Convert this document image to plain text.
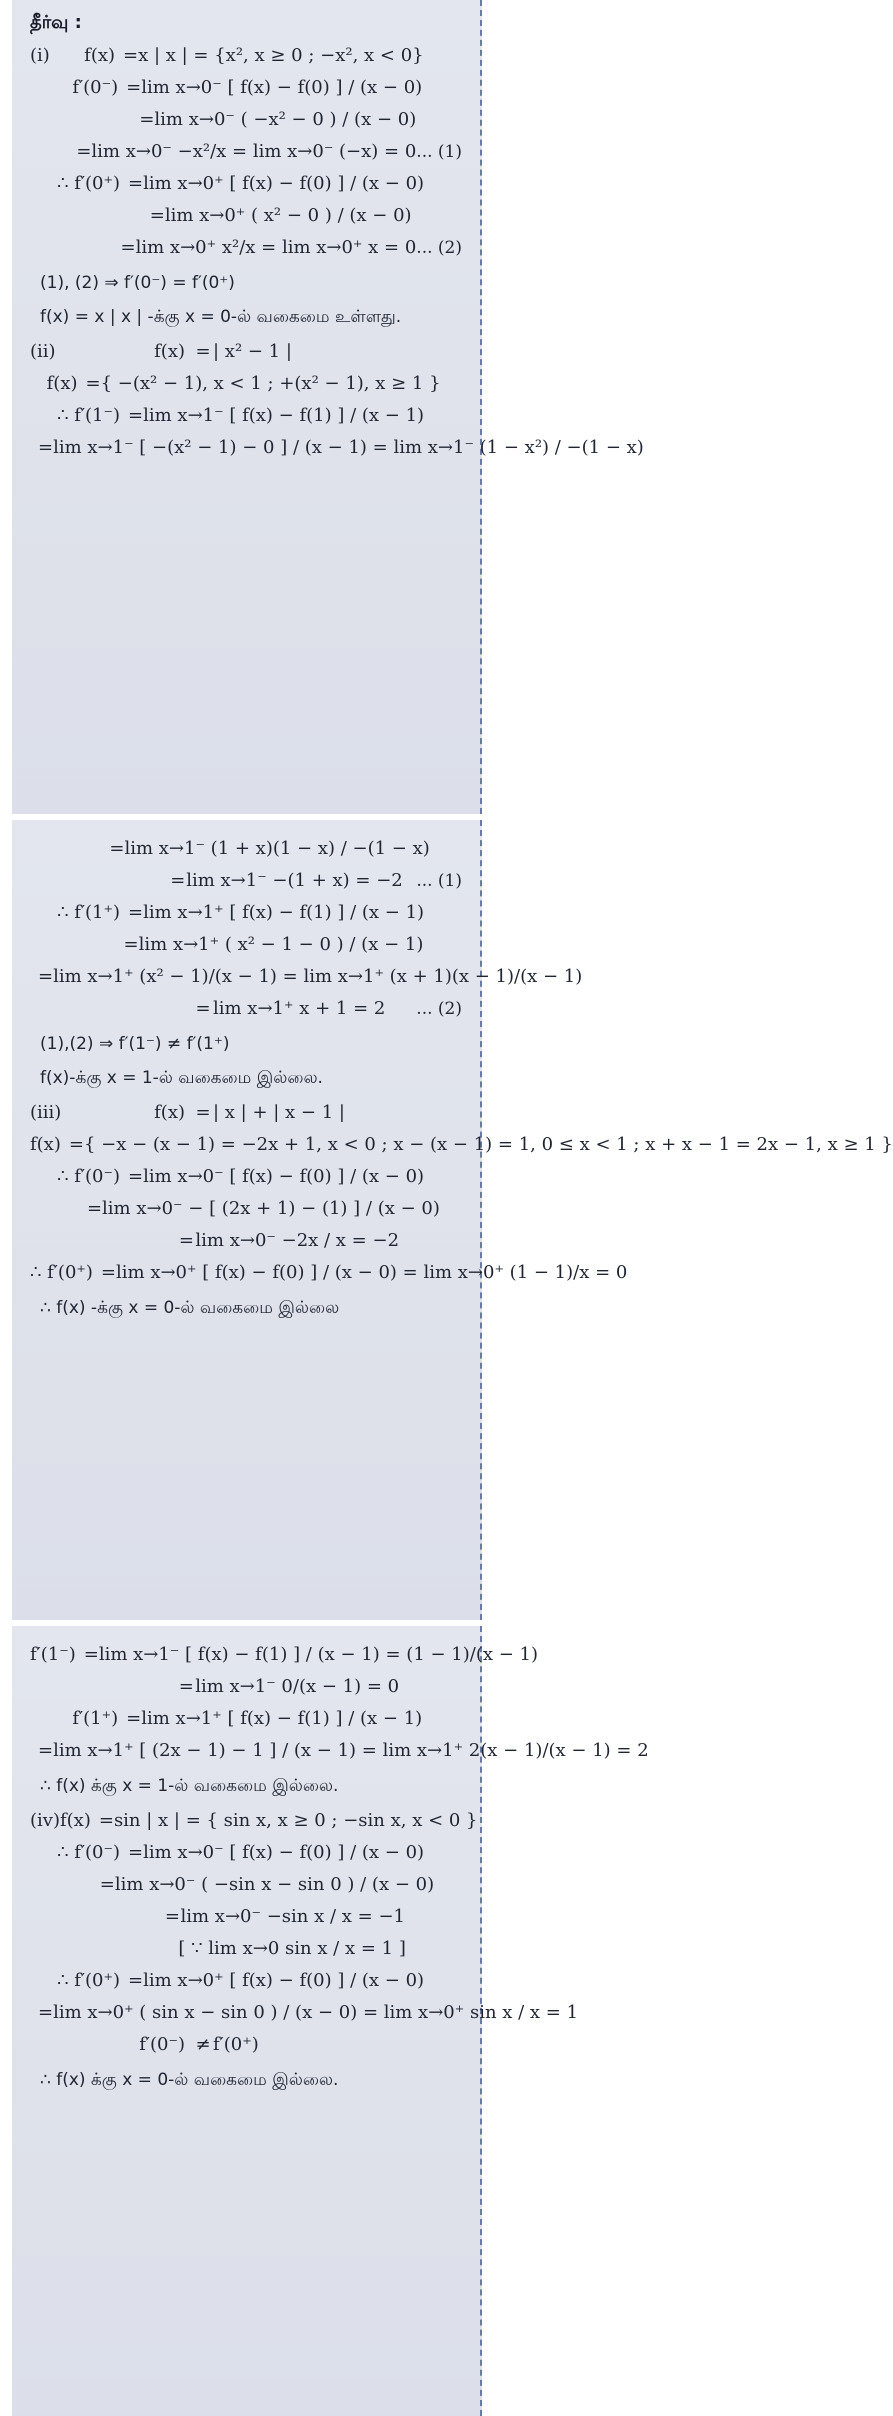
தீர்வு :
(i)	f(x) = x | x | = {x², x ≥ 0 ; −x², x < 0}
f′(0⁻) = lim x→0⁻ [ f(x) − f(0) ] / (x − 0)
= lim x→0⁻ ( −x² − 0 ) / (x − 0)
= lim x→0⁻ −x²/x = lim x→0⁻ (−x) = 0 ... (1)
∴ f′(0⁺) = lim x→0⁺ [ f(x) − f(0) ] / (x − 0)
= lim x→0⁺ ( x² − 0 ) / (x − 0)
= lim x→0⁺ x²/x = lim x→0⁺ x = 0 ... (2)
(1), (2) ⇒ f′(0⁻) = f′(0⁺)
f(x) = x | x | -க்கு x = 0-ல் வகைமை உள்ளது.
(ii)	f(x) = | x² − 1 |
f(x) = { −(x² − 1), x < 1 ; +(x² − 1), x ≥ 1 }
∴ f′(1⁻) = lim x→1⁻ [ f(x) − f(1) ] / (x − 1)
= lim x→1⁻ [ −(x² − 1) − 0 ] / (x − 1) = lim x→1⁻ (1 − x²) / −(1 − x)
= lim x→1⁻ (1 + x)(1 − x) / −(1 − x)
= lim x→1⁻ −(1 + x) = −2 ... (1)
∴ f′(1⁺) = lim x→1⁺ [ f(x) − f(1) ] / (x − 1)
= lim x→1⁺ ( x² − 1 − 0 ) / (x − 1)
= lim x→1⁺ (x² − 1)/(x − 1) = lim x→1⁺ (x + 1)(x − 1)/(x − 1)
= lim x→1⁺ x + 1 = 2	... (2)
(1),(2) ⇒ f′(1⁻) ≠ f′(1⁺)
f(x)-க்கு x = 1-ல் வகைமை இல்லை.
(iii)	f(x) = | x | + | x − 1 |
f(x) = { −x − (x − 1) = −2x + 1, x < 0 ; x − (x − 1) = 1, 0 ≤ x < 1 ; x + x − 1 = 2x − 1, x ≥ 1 }
∴ f′(0⁻) = lim x→0⁻ [ f(x) − f(0) ] / (x − 0)
= lim x→0⁻ − [ (2x + 1) − (1) ] / (x − 0)
= lim x→0⁻ −2x / x = −2
∴ f′(0⁺) = lim x→0⁺ [ f(x) − f(0) ] / (x − 0) = lim x→0⁺ (1 − 1)/x = 0
∴ f(x) -க்கு x = 0-ல் வகைமை இல்லை
f′(1⁻) = lim x→1⁻ [ f(x) − f(1) ] / (x − 1) = (1 − 1)/(x − 1)
= lim x→1⁻ 0/(x − 1) = 0
f′(1⁺) = lim x→1⁺ [ f(x) − f(1) ] / (x − 1)
= lim x→1⁺ [ (2x − 1) − 1 ] / (x − 1) = lim x→1⁺ 2(x − 1)/(x − 1) = 2
∴ f(x) க்கு x = 1-ல் வகைமை இல்லை.
(iv) f(x) = sin | x | = { sin x, x ≥ 0 ; −sin x, x < 0 }
∴ f′(0⁻) = lim x→0⁻ [ f(x) − f(0) ] / (x − 0)
= lim x→0⁻ ( −sin x − sin 0 ) / (x − 0)
= lim x→0⁻ −sin x / x = −1
[ ∵ lim x→0 sin x / x = 1 ]
∴ f′(0⁺) = lim x→0⁺ [ f(x) − f(0) ] / (x − 0)
= lim x→0⁺ ( sin x − sin 0 ) / (x − 0) = lim x→0⁺ sin x / x = 1
f′(0⁻) ≠ f′(0⁺)
∴ f(x) க்கு x = 0-ல் வகைமை இல்லை.
